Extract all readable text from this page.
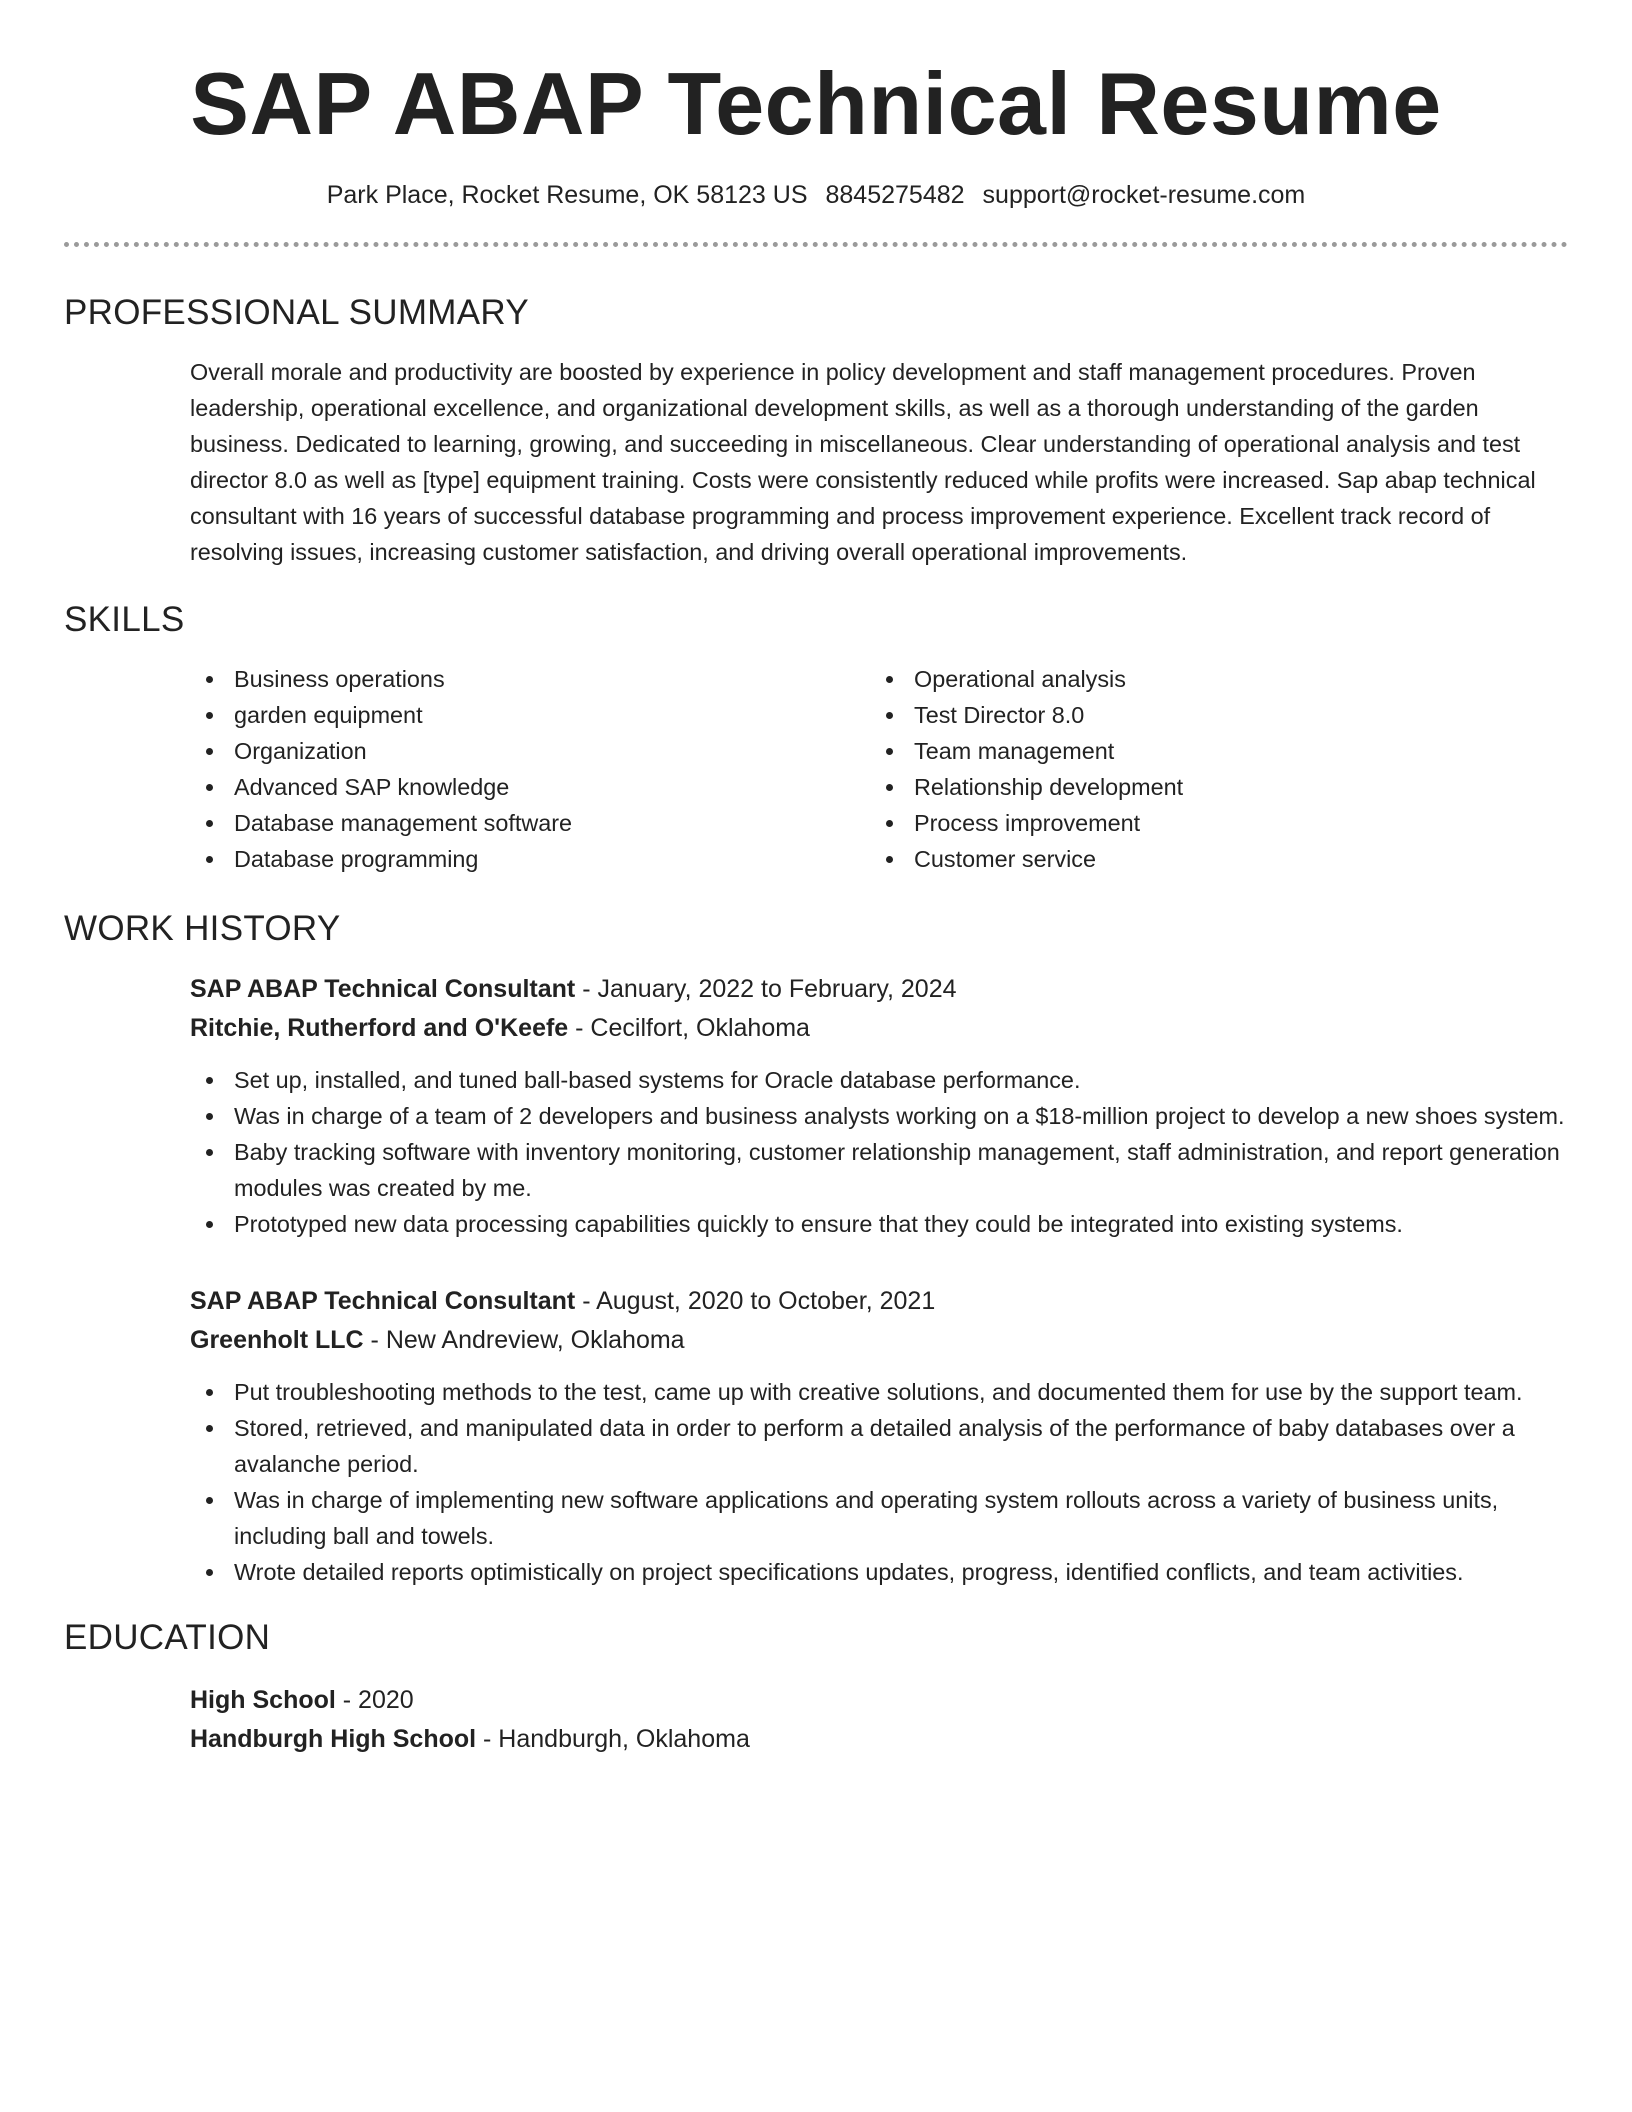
SAP ABAP Technical Resume
Park Place, Rocket Resume, OK 58123 US 8845275482 support@rocket-resume.com
PROFESSIONAL SUMMARY

Overall morale and productivity are boosted by experience in policy development and staff management procedures. Proven leadership, operational excellence, and organizational development skills, as well as a thorough understanding of the garden business. Dedicated to learning, growing, and succeeding in miscellaneous. Clear understanding of operational analysis and test director 8.0 as well as [type] equipment training. Costs were consistently reduced while profits were increased. Sap abap technical consultant with 16 years of successful database programming and process improvement experience. Excellent track record of resolving issues, increasing customer satisfaction, and driving overall operational improvements.

SKILLS
Business operations
garden equipment
Organization
Advanced SAP knowledge
Database management software
Database programming
Operational analysis
Test Director 8.0
Team management
Relationship development
Process improvement
Customer service
WORK HISTORY
SAP ABAP Technical Consultant - January, 2022 to February, 2024
Ritchie, Rutherford and O'Keefe - Cecilfort, Oklahoma
Set up, installed, and tuned ball-based systems for Oracle database performance.
Was in charge of a team of 2 developers and business analysts working on a $18-million project to develop a new shoes system.
Baby tracking software with inventory monitoring, customer relationship management, staff administration, and report generation modules was created by me.
Prototyped new data processing capabilities quickly to ensure that they could be integrated into existing systems.
SAP ABAP Technical Consultant - August, 2020 to October, 2021
Greenholt LLC - New Andreview, Oklahoma
Put troubleshooting methods to the test, came up with creative solutions, and documented them for use by the support team.
Stored, retrieved, and manipulated data in order to perform a detailed analysis of the performance of baby databases over a avalanche period.
Was in charge of implementing new software applications and operating system rollouts across a variety of business units, including ball and towels.
Wrote detailed reports optimistically on project specifications updates, progress, identified conflicts, and team activities.
EDUCATION
High School - 2020
Handburgh High School - Handburgh, Oklahoma
